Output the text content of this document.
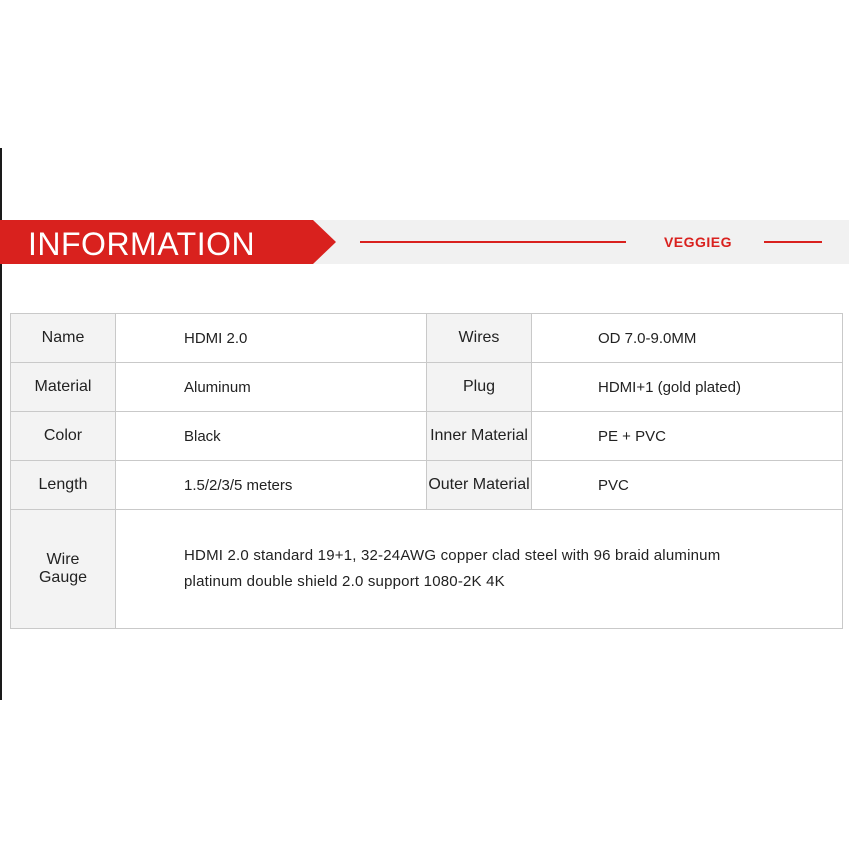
INFORMATION	VEGGIEG
Name	HDMI 2.0	Wires	OD 7.0-9.0MM
Material	Aluminum	Plug	HDMI+1 (gold plated)
Color	Black	Inner Material	PE + PVC
Length	1.5/2/3/5 meters	Outer Material	PVC
Wire Gauge	HDMI 2.0 standard 19+1, 32-24AWG copper clad steel with 96 braid aluminum platinum double shield 2.0 support 1080-2K 4K		
